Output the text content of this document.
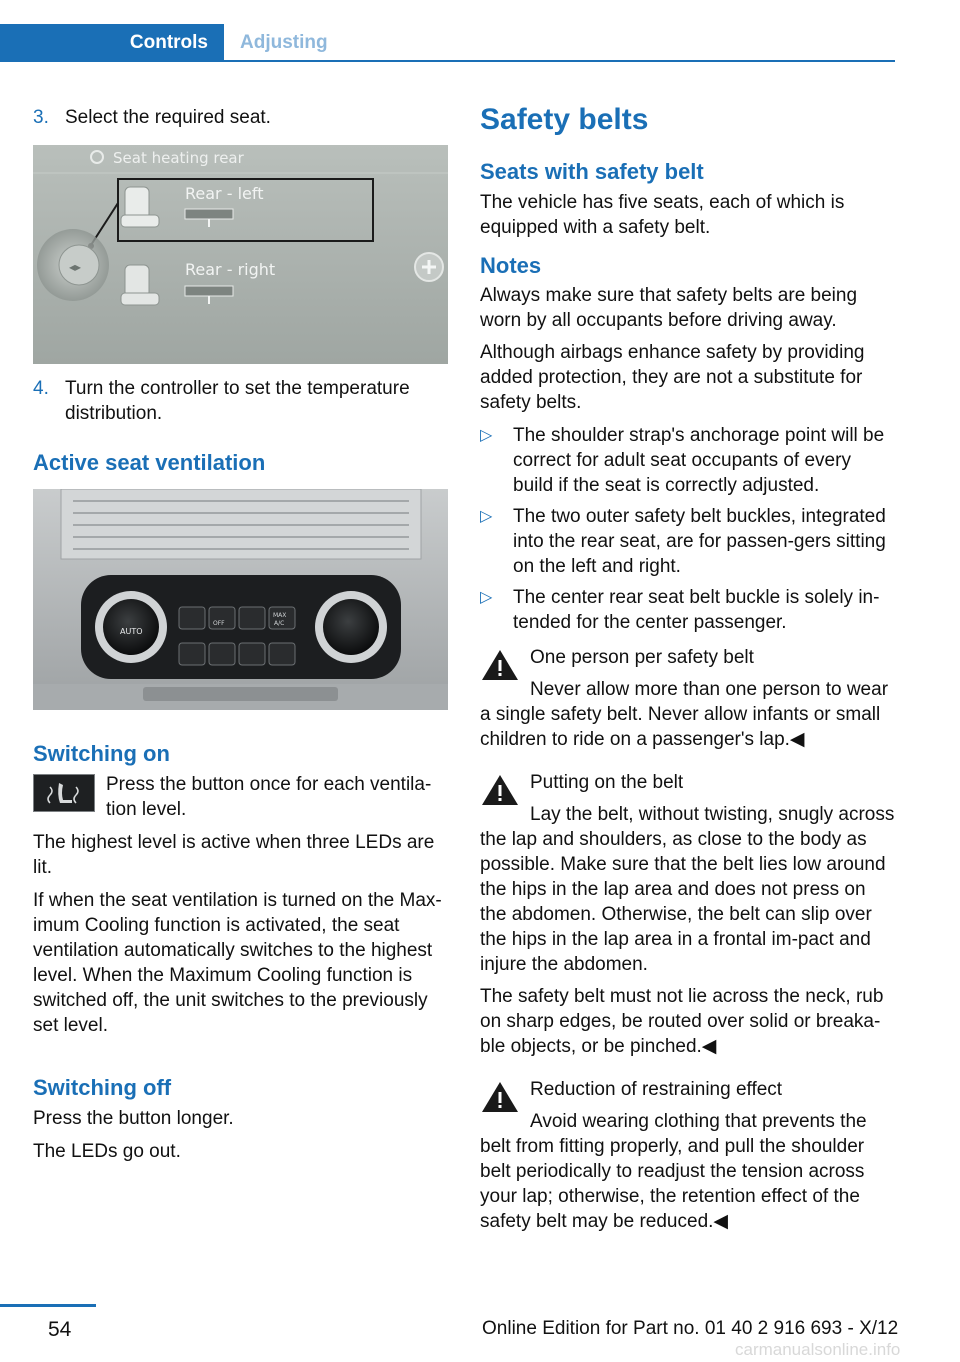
Controls	Adjusting
3. Select the required seat.
Seat heating rear
◂▸
Rear - left
Rear - right
4. Turn the controller to set the temperature distribution.
Active seat ventilation
AUTO
OFF
MAX
A/C
Switching on

Press the button once for each ventila‐tion level.

The highest level is active when three LEDs are lit.

If when the seat ventilation is turned on the Max‐imum Cooling function is activated, the seat ventilation automatically switches to the highest level. When the Maximum Cooling function is switched off, the unit switches to the previously set level.

Switching off

Press the button longer.

The LEDs go out.

Safety belts
Seats with safety belt

The vehicle has five seats, each of which is equipped with a safety belt.

Notes

Always make sure that safety belts are being worn by all occupants before driving away.

Although airbags enhance safety by providing added protection, they are not a substitute for safety belts.

▷	The shoulder strap's anchorage point will be correct for adult seat occupants of every build if the seat is correctly adjusted.
▷	The two outer safety belt buckles, integrated into the rear seat, are for passen‐gers sitting on the left and right.
▷	The center rear seat belt buckle is solely in‐tended for the center passenger.
One person per safety belt

Never allow more than one person to wear a single safety belt. Never allow infants or small children to ride on a passenger's lap.◀

Putting on the belt

Lay the belt, without twisting, snugly across the lap and shoulders, as close to the body as possible. Make sure that the belt lies low around the hips in the lap area and does not press on the abdomen. Otherwise, the belt can slip over the hips in the lap area in a frontal im‐pact and injure the abdomen.

The safety belt must not lie across the neck, rub on sharp edges, be routed over solid or breaka‐ble objects, or be pinched.◀

Reduction of restraining effect

Avoid wearing clothing that prevents the belt from fitting properly, and pull the shoulder belt periodically to readjust the tension across your lap; otherwise, the retention effect of the safety belt may be reduced.◀

54	Online Edition for Part no. 01 40 2 916 693 - X/12
carmanualsonline.info
